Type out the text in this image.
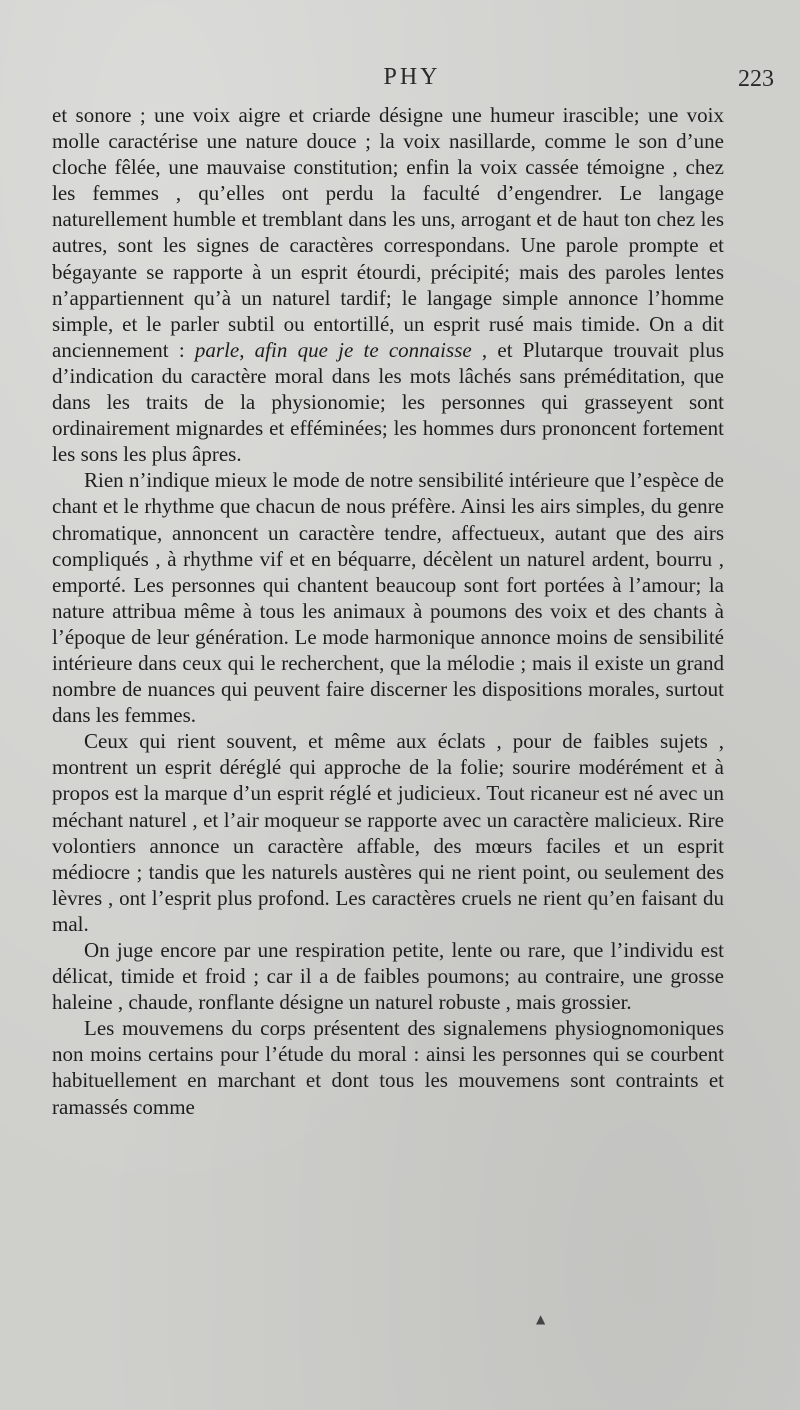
PHY	223

et sonore ; une voix aigre et criarde désigne une humeur irascible; une voix molle caractérise une nature douce ; la voix nasillarde, comme le son d’une cloche fêlée, une mauvaise constitution; enfin la voix cassée témoigne , chez les femmes , qu’elles ont perdu la faculté d’engendrer. Le langage naturellement humble et tremblant dans les uns, arrogant et de haut ton chez les autres, sont les signes de caractères correspondans. Une parole prompte et bégayante se rapporte à un esprit étourdi, précipité; mais des paroles lentes n’appartiennent qu’à un naturel tardif; le langage simple annonce l’homme simple, et le parler subtil ou entortillé, un esprit rusé mais timide. On a dit anciennement : parle, afin que je te connaisse , et Plutarque trouvait plus d’indication du caractère moral dans les mots lâchés sans préméditation, que dans les traits de la physionomie; les personnes qui grasseyent sont ordinairement mignardes et efféminées; les hommes durs prononcent fortement les sons les plus âpres.

Rien n’indique mieux le mode de notre sensibilité intérieure que l’espèce de chant et le rhythme que chacun de nous préfère. Ainsi les airs simples, du genre chromatique, annoncent un caractère tendre, affectueux, autant que des airs compliqués , à rhythme vif et en béquarre, décèlent un naturel ardent, bourru , emporté. Les personnes qui chantent beaucoup sont fort portées à l’amour; la nature attribua même à tous les animaux à poumons des voix et des chants à l’époque de leur génération. Le mode harmonique annonce moins de sensibilité intérieure dans ceux qui le recherchent, que la mélodie ; mais il existe un grand nombre de nuances qui peuvent faire discerner les dispositions morales, surtout dans les femmes.

Ceux qui rient souvent, et même aux éclats , pour de faibles sujets , montrent un esprit déréglé qui approche de la folie; sourire modérément et à propos est la marque d’un esprit réglé et judicieux. Tout ricaneur est né avec un méchant naturel , et l’air moqueur se rapporte avec un caractère malicieux. Rire volontiers annonce un caractère affable, des mœurs faciles et un esprit médiocre ; tandis que les naturels austères qui ne rient point, ou seulement des lèvres , ont l’esprit plus profond. Les caractères cruels ne rient qu’en faisant du mal.

On juge encore par une respiration petite, lente ou rare, que l’individu est délicat, timide et froid ; car il a de faibles poumons; au contraire, une grosse haleine , chaude, ronflante désigne un naturel robuste , mais grossier.

Les mouvemens du corps présentent des signalemens physiognomoniques non moins certains pour l’étude du moral : ainsi les personnes qui se courbent habituellement en marchant et dont tous les mouvemens sont contraints et ramassés comme

▲
